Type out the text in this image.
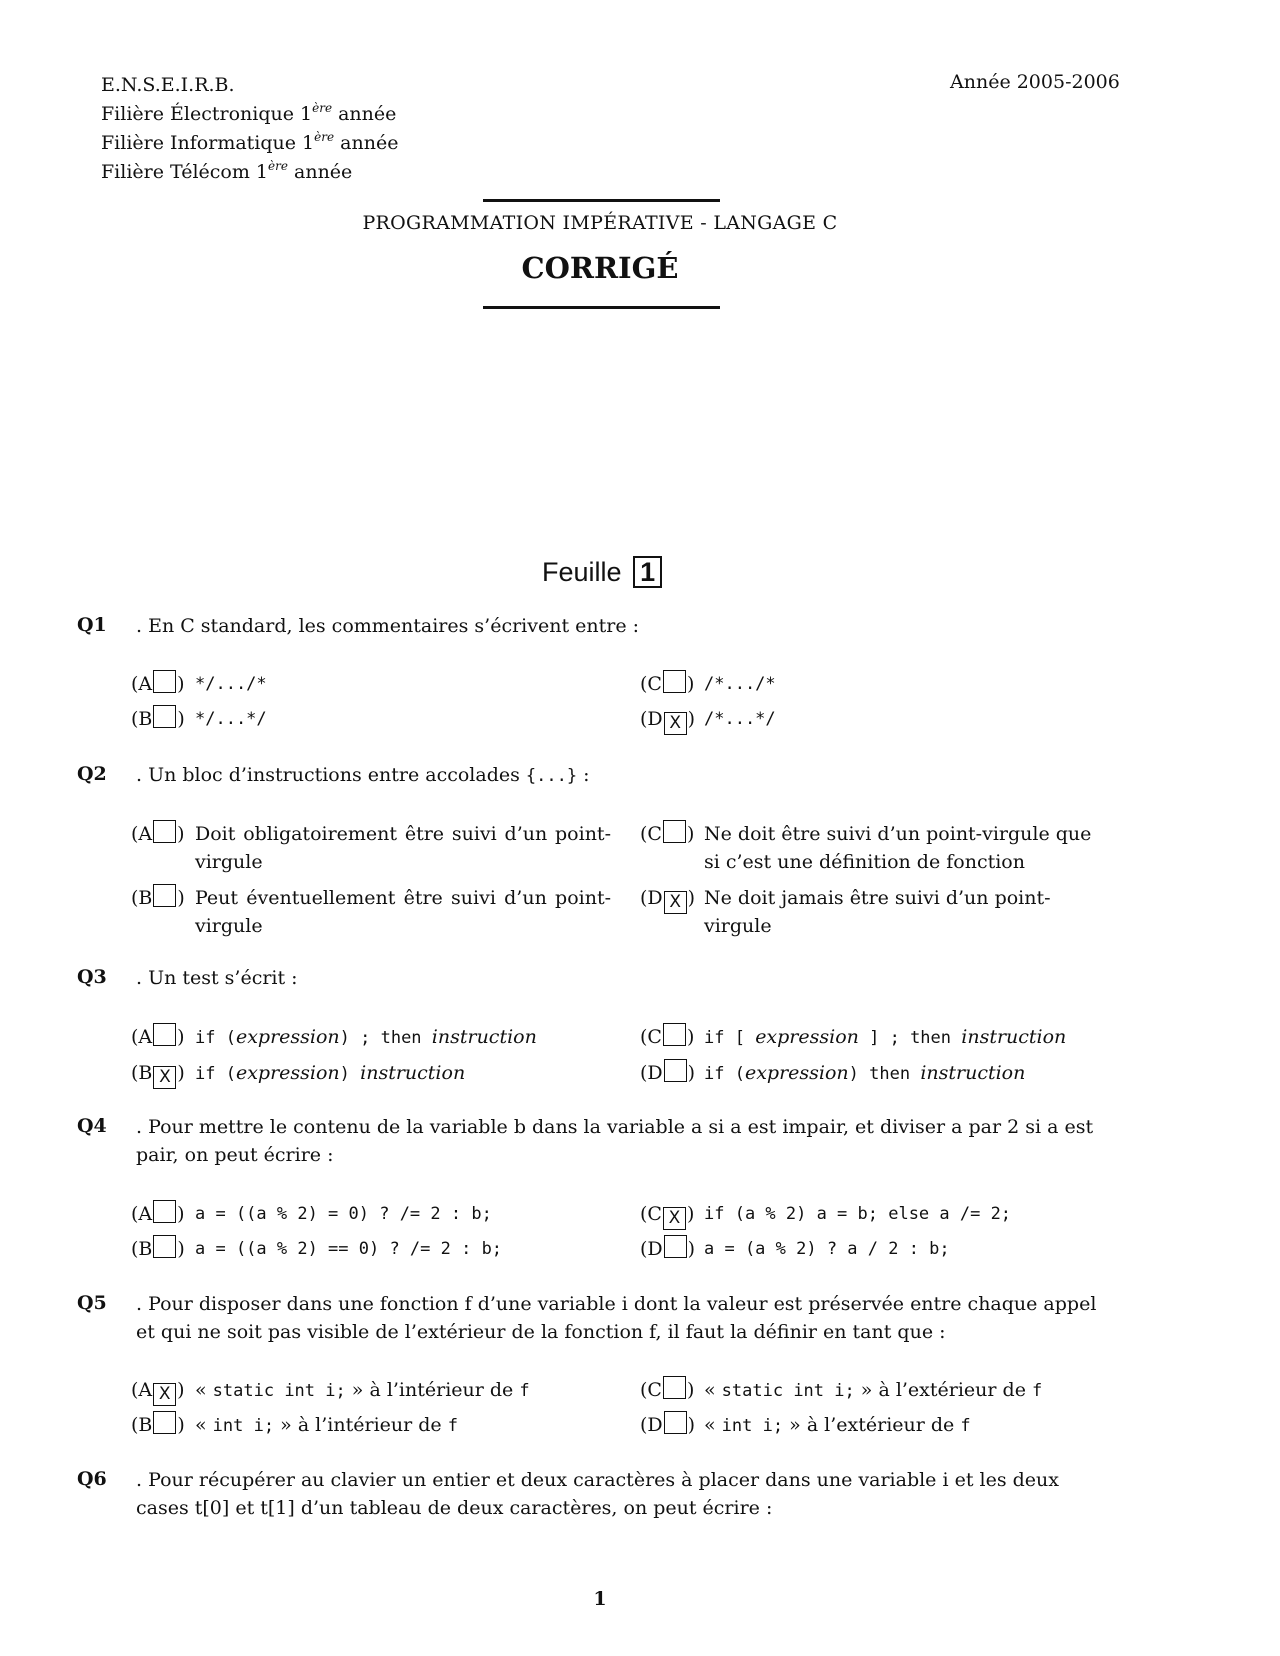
E.N.S.E.I.R.B.
Filière Électronique 1ère année
Filière Informatique 1ère année
Filière Télécom 1ère année
Année 2005-2006
PROGRAMMATION IMPÉRATIVE - LANGAGE C
CORRIGÉ
Feuille 1
Q1 . En C standard, les commentaires s’écrivent entre :
(A ) */.../*
(B ) */...*/
(C ) /*.../*
(D X ) /*...*/
Q2 . Un bloc d’instructions entre accolades {...} :
(A ) Doit obligatoirement être suivi d’un point-virgule
(B ) Peut éventuellement être suivi d’un point-virgule
(C ) Ne doit être suivi d’un point-virgule que si c’est une définition de fonction
(D X ) Ne doit jamais être suivi d’un point-virgule
Q3 . Un test s’écrit :
(A ) if (expression) ; then instruction
(B X ) if (expression) instruction
(C ) if [ expression ] ; then instruction
(D ) if (expression) then instruction
Q4 . Pour mettre le contenu de la variable b dans la variable a si a est impair, et diviser a par 2 si a est pair, on peut écrire :
(A ) a = ((a % 2) = 0) ? /= 2 : b;
(B ) a = ((a % 2) == 0) ? /= 2 : b;
(C X ) if (a % 2) a = b; else a /= 2;
(D ) a = (a % 2) ? a / 2 : b;
Q5 . Pour disposer dans une fonction f d’une variable i dont la valeur est préservée entre chaque appel et qui ne soit pas visible de l’extérieur de la fonction f, il faut la définir en tant que :
(A X ) « static int i; » à l’intérieur de f
(B ) « int i; » à l’intérieur de f
(C ) « static int i; » à l’extérieur de f
(D ) « int i; » à l’extérieur de f
Q6 . Pour récupérer au clavier un entier et deux caractères à placer dans une variable i et les deux cases t[0] et t[1] d’un tableau de deux caractères, on peut écrire :
1
